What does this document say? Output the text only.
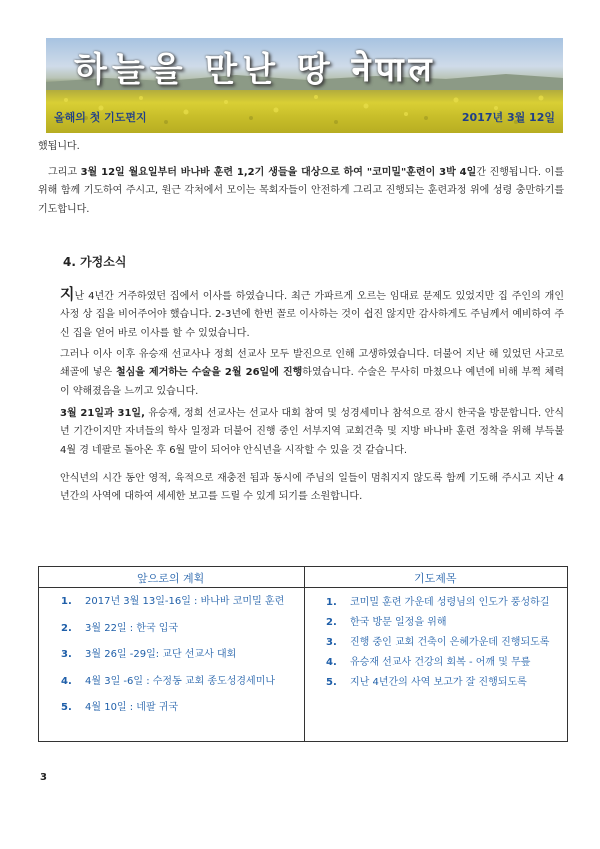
하늘을 만난 땅 नेपाल
올해의 첫 기도편지	2017년 3월 12일
했됩니다.
그리고 3월 12일 월요일부터 바나바 훈련 1,2기 생들을 대상으로 하여 "코미밀"훈련이 3박 4일간 진행됩니다. 이를 위해 함께 기도하여 주시고, 원근 각처에서 모이는 목회자들이 안전하게 그리고 진행되는 훈련과정 위에 성령 충만하기를 기도합니다.
4. 가정소식
지난 4년간 거주하였던 집에서 이사를 하였습니다. 최근 가파르게 오르는 임대료 문제도 있었지만 집 주인의 개인 사정 상 집을 비어주어야 했습니다. 2-3년에 한번 꼴로 이사하는 것이 쉽진 않지만 감사하게도 주님께서 예비하여 주신 집을 얻어 바로 이사를 할 수 있었습니다.
그러나 이사 이후 유승재 선교사나 정희 선교사 모두 발진으로 인해 고생하였습니다. 더불어 지난 해 있었던 사고로 쇄골에 넣은 철심을 제거하는 수술을 2월 26일에 진행하였습니다. 수술은 무사히 마쳤으나 예년에 비해 부쩍 체력이 약해졌음을 느끼고 있습니다.
3월 21일과 31일, 유승재, 정희 선교사는 선교사 대회 참여 및 성경세미나 참석으로 잠시 한국을 방문합니다. 안식년 기간이지만 자녀들의 학사 일정과 더불어 진행 중인 서부지역 교회건축 및 지방 바나바 훈련 정착을 위해 부득불 4월 경 네팔로 돌아온 후 6월 말이 되어야 안식년을 시작할 수 있을 것 같습니다.
안식년의 시간 동안 영적, 육적으로 재충전 됨과 동시에 주님의 일들이 멈춰지지 않도록 함께 기도해 주시고 지난 4년간의 사역에 대하여 세세한 보고를 드릴 수 있게 되기를 소원합니다.
앞으로의 계획	기도제목
1. 2017년 3월 13일-16일 : 바나바 코미밀 훈련
2. 3월 22일 : 한국 입국
3. 3월 26일 -29일: 교단 선교사 대회
4. 4월 3일 -6일 : 수정동 교회 종도성경세미나
5. 4월 10일 : 네팔 귀국
1. 코미밀 훈련 가운데 성령님의 인도가 풍성하길
2. 한국 방문 일정을 위해
3. 진행 중인 교회 건축이 은혜가운데 진행되도록
4. 유승재 선교사 건강의 회복 - 어깨 및 무릎
5. 지난 4년간의 사역 보고가 잘 진행되도록
3
